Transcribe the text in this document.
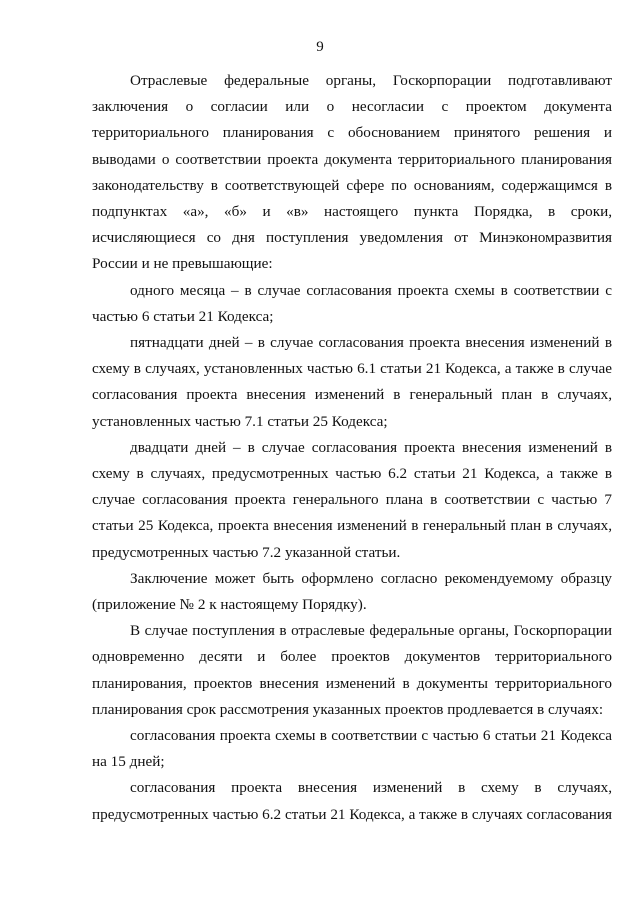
9

Отраслевые федеральные органы, Госкорпорации подготавливают заключения о согласии или о несогласии с проектом документа территориального планирования с обоснованием принятого решения и выводами о соответствии проекта документа территориального планирования законодательству в соответствующей сфере по основаниям, содержащимся в подпунктах «а», «б» и «в» настоящего пункта Порядка, в сроки, исчисляющиеся со дня поступления уведомления от Минэкономразвития России и не превышающие:

одного месяца – в случае согласования проекта схемы в соответствии с частью 6 статьи 21 Кодекса;

пятнадцати дней – в случае согласования проекта внесения изменений в схему в случаях, установленных частью 6.1 статьи 21 Кодекса, а также в случае согласования проекта внесения изменений в генеральный план в случаях, установленных частью 7.1 статьи 25 Кодекса;

двадцати дней – в случае согласования проекта внесения изменений в схему в случаях, предусмотренных частью 6.2 статьи 21 Кодекса, а также в случае согласования проекта генерального плана в соответствии с частью 7 статьи 25 Кодекса, проекта внесения изменений в генеральный план в случаях, предусмотренных частью 7.2 указанной статьи.

Заключение может быть оформлено согласно рекомендуемому образцу (приложение № 2 к настоящему Порядку).

В случае поступления в отраслевые федеральные органы, Госкорпорации одновременно десяти и более проектов документов территориального планирования, проектов внесения изменений в документы территориального планирования срок рассмотрения указанных проектов продлевается в случаях:

согласования проекта схемы в соответствии с частью 6 статьи 21 Кодекса на 15 дней;

согласования проекта внесения изменений в схему в случаях, предусмотренных частью 6.2 статьи 21 Кодекса, а также в случаях согласования
